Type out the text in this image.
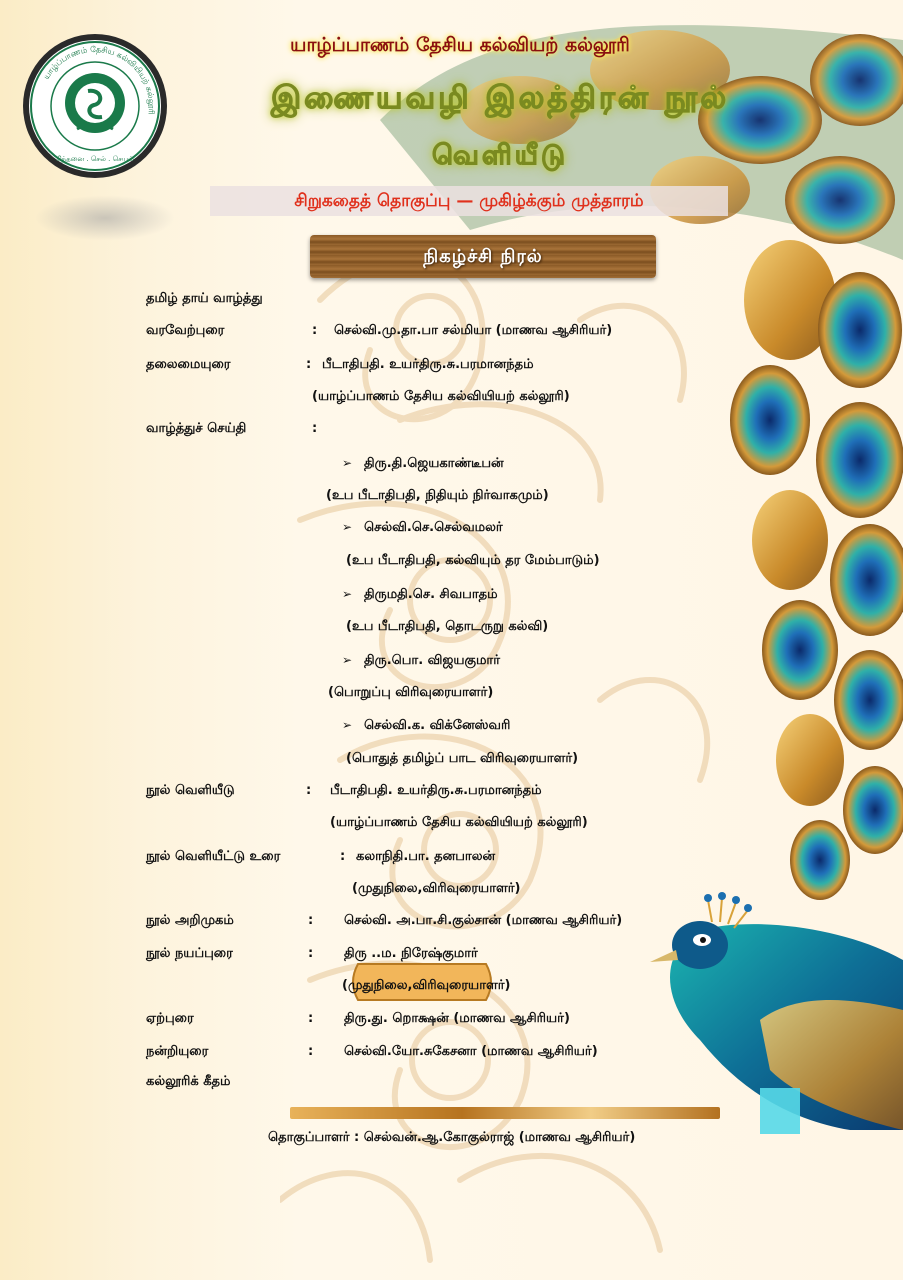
யாழ்ப்பாணம் தேசிய கல்வியியற் கல்லூரி
சிந்தனை . செல் . செயல்
யாழ்ப்பாணம் தேசிய கல்வியற் கல்லூரி
இணையவழி இலத்திரன் நூல்
வெளியீடு
சிறுகதைத் தொகுப்பு — முகிழ்க்கும் முத்தாரம்
நிகழ்ச்சி நிரல்
தமிழ் தாய் வாழ்த்து
வரவேற்புரை	: செல்வி.மு.தா.பா சல்மியா (மாணவ ஆசிரியர்)
தலைமையுரை	: பீடாதிபதி. உயர்திரு.சு.பரமானந்தம்
(யாழ்ப்பாணம் தேசிய கல்வியியற் கல்லூரி)
வாழ்த்துச் செய்தி	:
➢ திரு.தி.ஜெயகாண்டீபன்
(உப பீடாதிபதி, நிதியும் நிர்வாகமும்)
➢ செல்வி.செ.செல்வமலர்
(உப பீடாதிபதி, கல்வியும் தர மேம்பாடும்)
➢ திருமதி.செ. சிவபாதம்
(உப பீடாதிபதி, தொடருறு கல்வி)
➢ திரு.பொ. விஜயகுமார்
(பொறுப்பு விரிவுரையாளர்)
➢ செல்வி.க. விக்னேஸ்வரி
(பொதுத் தமிழ்ப் பாட விரிவுரையாளர்)
நூல் வெளியீடு	: பீடாதிபதி. உயர்திரு.சு.பரமானந்தம்
(யாழ்ப்பாணம் தேசிய கல்வியியற் கல்லூரி)
நூல் வெளியீட்டு உரை	: கலாநிதி.பா. தனபாலன்
(முதுநிலை,விரிவுரையாளர்)
நூல் அறிமுகம்	: செல்வி. அ.பா.சி.குல்சான் (மாணவ ஆசிரியர்)
நூல் நயப்புரை	: திரு ..ம. நிரேஷ்குமார்
(முதுநிலை,விரிவுரையாளர்)
ஏற்புரை	: திரு.து. றொக்ஷன் (மாணவ ஆசிரியர்)
நன்றியுரை	: செல்வி.யோ.சுகேசனா (மாணவ ஆசிரியர்)
கல்லூரிக் கீதம்
தொகுப்பாளர் : செல்வன்.ஆ.கோகுல்ராஜ் (மாணவ ஆசிரியர்)
